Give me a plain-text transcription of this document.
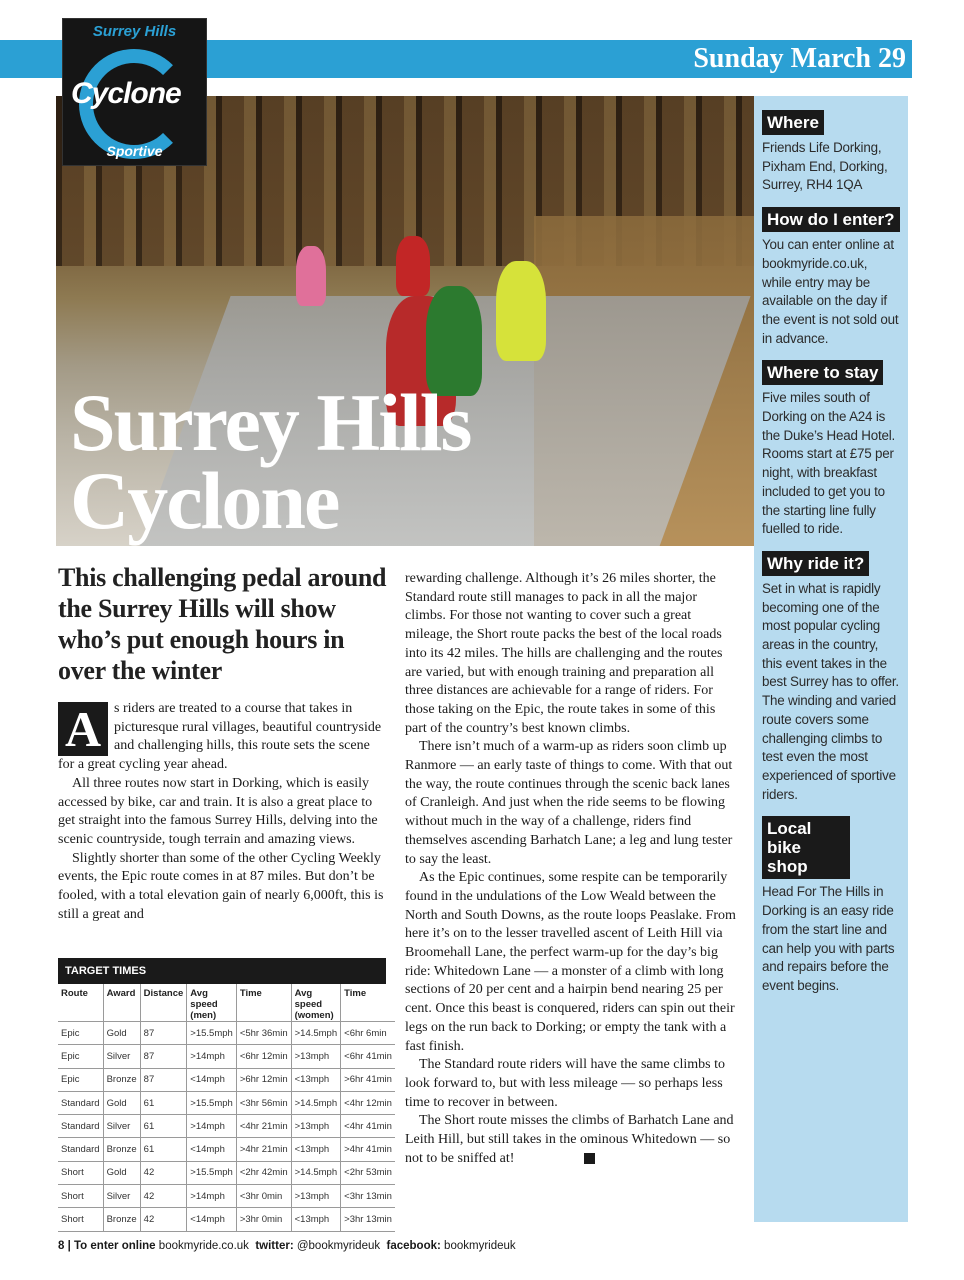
Sunday March 29
Surrey Hills
Cyclone
Surrey Hills
Cyclone
Sportive
Where
Friends Life Dorking, Pixham End, Dorking, Surrey, RH4 1QA
How do I enter?
You can enter online at bookmyride.co.uk, while entry may be available on the day if the event is not sold out in advance.
Where to stay
Five miles south of Dorking on the A24 is the Duke’s Head Hotel. Rooms start at £75 per night, with breakfast included to get you to the starting line fully fuelled to ride.
Why ride it?
Set in what is rapidly becoming one of the most popular cycling areas in the country, this event takes in the best Surrey has to offer. The winding and varied route covers some challenging climbs to test even the most experienced of sportive riders.
Local bike shop
Head For The Hills in Dorking is an easy ride from the start line and can help you with parts and repairs before the event begins.
This challenging pedal around the Surrey Hills will show who’s put enough hours in over the winter

A s riders are treated to a course that takes in picturesque rural villages, beautiful countryside and challenging hills, this route sets the scene for a great cycling year ahead.

All three routes now start in Dorking, which is easily accessed by bike, car and train. It is also a great place to get straight into the famous Surrey Hills, delving into the scenic countryside, tough terrain and amazing views.

Slightly shorter than some of the other Cycling Weekly events, the Epic route comes in at 87 miles. But don’t be fooled, with a total elevation gain of nearly 6,000ft, this is still a great and

rewarding challenge. Although it’s 26 miles shorter, the Standard route still manages to pack in all the major climbs. For those not wanting to cover such a great mileage, the Short route packs the best of the local roads into its 42 miles. The hills are challenging and the routes are varied, but with enough training and preparation all three distances are achievable for a range of riders. For those taking on the Epic, the route takes in some of this part of the country’s best known climbs.

There isn’t much of a warm-up as riders soon climb up Ranmore — an early taste of things to come. With that out the way, the route continues through the scenic back lanes of Cranleigh. And just when the ride seems to be flowing without much in the way of a challenge, riders find themselves ascending Barhatch Lane; a leg and lung tester to say the least.

As the Epic continues, some respite can be temporarily found in the undulations of the Low Weald between the North and South Downs, as the route loops Peaslake. From here it’s on to the lesser travelled ascent of Leith Hill via Broomehall Lane, the perfect warm-up for the day’s big ride: Whitedown Lane — a monster of a climb with long sections of 20 per cent and a hairpin bend nearing 25 per cent. Once this beast is conquered, riders can spin out their legs on the run back to Dorking; or empty the tank with a fast finish.

The Standard route riders will have the same climbs to look forward to, but with less mileage — so perhaps less time to recover in between.

The Short route misses the climbs of Barhatch Lane and Leith Hill, but still takes in the ominous Whitedown — so not to be sniffed at!

TARGET TIMES
Route	Award	Distance	Avg speed (men)	Time	Avg speed (women)	Time
Epic	Gold	87	>15.5mph	<5hr 36min	>14.5mph	<6hr 6min
Epic	Silver	87	>14mph	<6hr 12min	>13mph	<6hr 41min
Epic	Bronze	87	<14mph	>6hr 12min	<13mph	>6hr 41min
Standard	Gold	61	>15.5mph	<3hr 56min	>14.5mph	<4hr 12min
Standard	Silver	61	>14mph	<4hr 21min	>13mph	<4hr 41min
Standard	Bronze	61	<14mph	>4hr 21min	<13mph	>4hr 41min
Short	Gold	42	>15.5mph	<2hr 42min	>14.5mph	<2hr 53min
Short	Silver	42	>14mph	<3hr 0min	>13mph	<3hr 13min
Short	Bronze	42	<14mph	>3hr 0min	<13mph	>3hr 13min
8 | To enter online bookmyride.co.uk twitter: @bookmyrideuk facebook: bookmyrideuk
